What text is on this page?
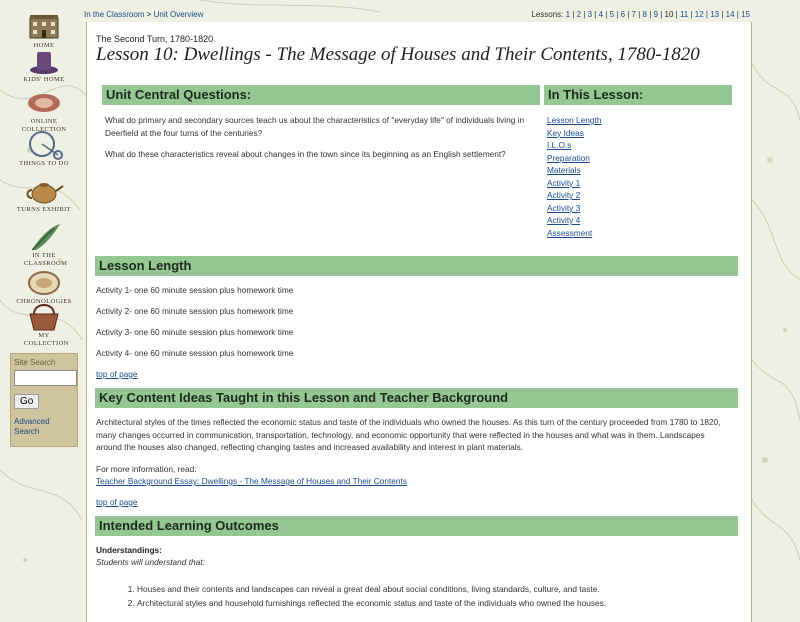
HOME
KIDS' HOME
ONLINE COLLECTION
THINGS TO DO
TURNS EXHIBIT
IN THE CLASSROOM
CHRONOLOGIES
MY COLLECTION
Site Search
Go
Advanced Search
In the Classroom > Unit Overview	Lessons: 1 | 2 | 3 | 4 | 5 | 6 | 7 | 8 | 9 | 10 | 11 | 12 | 13 | 14 | 15
The Second Turn, 1780-1820
Lesson 10: Dwellings - The Message of Houses and Their Contents, 1780-1820
Unit Central Questions:

What do primary and secondary sources teach us about the characteristics of "everyday life" of individuals living in Deerfield at the four turns of the centuries?

What do these characteristics reveal about changes in the town since its beginning as an English settlement?

In This Lesson:
Lesson Length
Key Ideas
I.L.O.s
Preparation
Materials
Activity 1
Activity 2
Activity 3
Activity 4
Assessment
Lesson Length

Activity 1- one 60 minute session plus homework time

Activity 2- one 60 minute session plus homework time

Activity 3- one 60 minute session plus homework time

Activity 4- one 60 minute session plus homework time

top of page
Key Content Ideas Taught in this Lesson and Teacher Background

Architectural styles of the times reflected the economic status and taste of the individuals who owned the houses. As this turn of the century proceeded from 1780 to 1820, many changes occurred in communication, transportation, technology, and economic opportunity that were reflected in the houses and what was in them. Landscapes around the houses also changed, reflecting changing tastes and increased availability and interest in plant materials.

For more information, read:

Teacher Background Essay: Dwellings - The Message of Houses and Their Contents
top of page
Intended Learning Outcomes

Understandings:

Students will understand that:

1. Houses and their contents and landscapes can reveal a great deal about social conditions, living standards, culture, and taste.
2. Architectural styles and household furnishings reflected the economic status and taste of the individuals who owned the houses.
